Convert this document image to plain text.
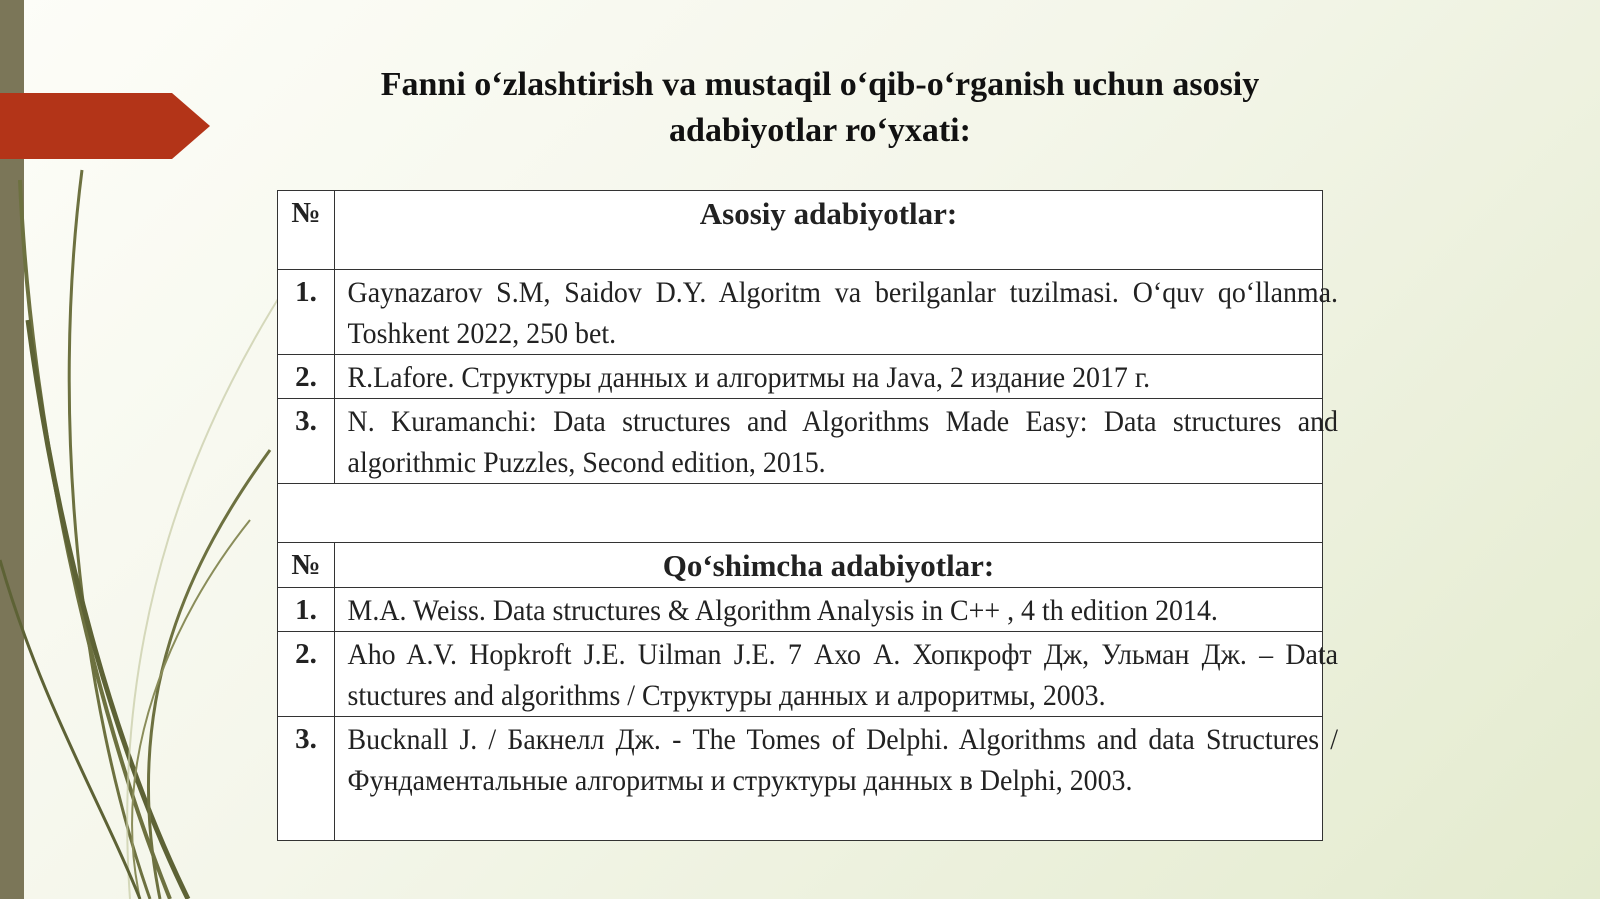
Fanni o‘zlashtirish va mustaqil o‘qib-o‘rganish uchun asosiy
adabiyotlar ro‘yxati:
№	Asosiy adabiyotlar:
1.	Gaynazarov S.M, Saidov D.Y. Algoritm va berilganlar tuzilmasi. O‘quv qo‘llanma. Toshkent 2022, 250 bet.

2.	R.Lafore. Структуры данных и алгоритмы на Java, 2 издание 2017 г.

3.	N. Kuramanchi: Data structures and Algorithms Made Easy: Data structures and algorithmic Puzzles, Second edition, 2015.

№	Qo‘shimcha adabiyotlar:
1.	M.A. Weiss. Data structures & Algorithm Analysis in C++ , 4 th edition 2014.

2.	Aho A.V. Hopkroft J.E. Uilman J.E. 7 Ахо А. Хопкрофт Дж, Ульман Дж. – Data stuctures and algorithms / Структуры данных и алроритмы, 2003.

3.	Bucknall J. / Бакнелл Дж. - The Tomes of Delphi. Algorithms and data Structures / Фундаментальные алгоритмы и структуры данных в Delphi, 2003.
